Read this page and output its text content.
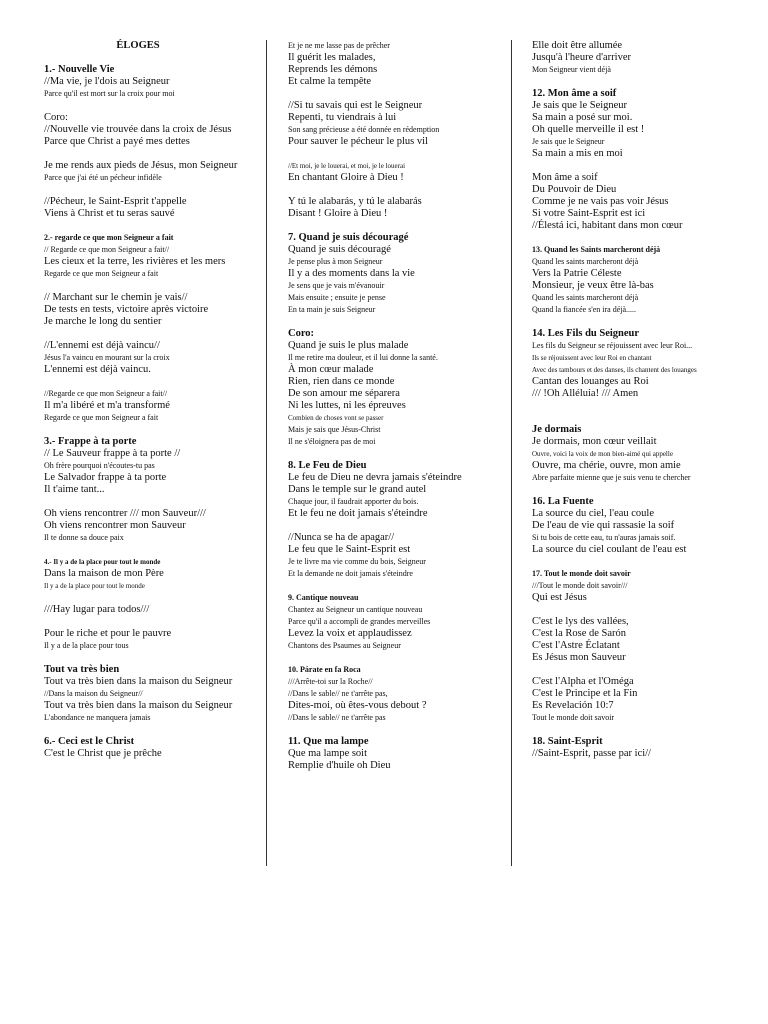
ÉLOGES
1.- Nouvelle Vie
//Ma vie, je l'dois au Seigneur
Parce qu'il est mort sur la croix pour moi
Coro:
//Nouvelle vie trouvée dans la croix de Jésus
Parce que Christ a payé mes dettes
Je me rends aux pieds de Jésus, mon Seigneur
Parce que j'ai été un pécheur infidèle
//Pécheur, le Saint-Esprit t'appelle
Viens à Christ et tu seras sauvé
2.- regarde ce que mon Seigneur a fait
// Regarde ce que mon Seigneur a fait//
Les cieux et la terre, les rivières et les mers
Regarde ce que mon Seigneur a fait
// Marchant sur le chemin je vais//
De tests en tests, victoire après victoire
Je marche le long du sentier
//L'ennemi est déjà vaincu//
Jésus l'a vaincu en mourant sur la croix
L'ennemi est déjà vaincu.
//Regarde ce que mon Seigneur a fait//
Il m'a libéré et m'a transformé
Regarde ce que mon Seigneur a fait
3.- Frappe à ta porte
// Le Sauveur frappe à ta porte //
Oh frère pourquoi n'écoutes-tu pas
Le Salvador frappe à ta porte
Il t'aime tant...
Oh viens rencontrer /// mon Sauveur///
Oh viens rencontrer mon Sauveur
Il te donne sa douce paix
4.- Il y a de la place pour tout le monde
Dans la maison de mon Père
Il y a de la place pour tout le monde
///Hay lugar para todos///
Pour le riche et pour le pauvre
Il y a de la place pour tous
Tout va très bien
Tout va très bien dans la maison du Seigneur
//Dans la maison du Seigneur//
Tout va très bien dans la maison du Seigneur
L'abondance ne manquera jamais
6.- Ceci est le Christ
C'est le Christ que je prêche
Et je ne me lasse pas de prêcher
Il guérit les malades,
Reprends les démons
Et calme la tempête
//Si tu savais qui est le Seigneur
Repenti, tu viendrais à lui
Son sang précieuse a été donnée en rédemption
Pour sauver le pécheur le plus vil
//Et moi, je le louerai, et moi, je le louerai
En chantant Gloire à Dieu !
Y tú le alabarás, y tú le alabarás
Disant ! Gloire à Dieu !
7. Quand je suis découragé
Quand je suis découragé
Je pense plus à mon Seigneur
Il y a des moments dans la vie
Je sens que je vais m'évanouir
Mais ensuite ; ensuite je pense
En ta main je suis Seigneur
Coro:
Quand je suis le plus malade
Il me retire ma douleur, et il lui donne la santé.
À mon cœur malade
Rien, rien dans ce monde
De son amour me séparera
Ni les luttes, ni les épreuves
Combien de choses vont se passer
Mais je sais que Jésus-Christ
Il ne s'éloignera pas de moi
8. Le Feu de Dieu
Le feu de Dieu ne devra jamais s'éteindre
Dans le temple sur le grand autel
Chaque jour, il faudrait apporter du bois.
Et le feu ne doit jamais s'éteindre
//Nunca se ha de apagar//
Le feu que le Saint-Esprit est
Je te livre ma vie comme du bois, Seigneur
Et la demande ne doit jamais s'éteindre
9. Cantique nouveau
Chantez au Seigneur un cantique nouveau
Parce qu'il a accompli de grandes merveilles
Levez la voix et applaudissez
Chantons des Psaumes au Seigneur
10. Párate en fa Roca
///Arrête-toi sur la Roche//
//Dans le sable// ne t'arrête pas,
Dites-moi, où êtes-vous debout ?
//Dans le sable// ne t'arrête pas
11. Que ma lampe
Que ma lampe soit
Remplie d'huile oh Dieu
Elle doit être allumée
Jusqu'à l'heure d'arriver
Mon Seigneur vient déjà
12. Mon âme a soif
Je sais que le Seigneur
Sa main a posé sur moi.
Oh quelle merveille il est !
Je sais que le Seigneur
Sa main a mis en moi
Mon âme a soif
Du Pouvoir de Dieu
Comme je ne vais pas voir Jésus
Si votre Saint-Esprit est ici
//Élestá ici, habitant dans mon cœur
13. Quand les Saints marcheront déjà
Quand les saints marcheront déjà
Vers la Patrie Céleste
Monsieur, je veux être là-bas
Quand les saints marcheront déjà
Quand la fiancée s'en ira déjà.....
14. Les Fils du Seigneur
Les fils du Seigneur se réjouissent avec leur Roi...
Ils se réjouissent avec leur Roi en chantant
Avec des tambours et des danses, ils chantent des louanges
Cantan des louanges au Roi
/// !Oh Alléluia! /// Amen
Je dormais
Je dormais, mon cœur veillait
Ouvre, voici la voix de mon bien-aimé qui appelle
Ouvre, ma chérie, ouvre, mon amie
Abre parfaite mienne que je suis venu te chercher
16. La Fuente
La source du ciel, l'eau coule
De l'eau de vie qui rassasie la soif
Si tu bois de cette eau, tu n'auras jamais soif.
La source du ciel coulant de l'eau est
17. Tout le monde doit savoir
///Tout le monde doit savoir///
Qui est Jésus
C'est le lys des vallées,
C'est la Rose de Sarón
C'est l'Astre Éclatant
Es Jésus mon Sauveur
C'est l'Alpha et l'Oméga
C'est le Principe et la Fin
Es Revelación 10:7
Tout le monde doit savoir
18. Saint-Esprit
//Saint-Esprit, passe par ici//
